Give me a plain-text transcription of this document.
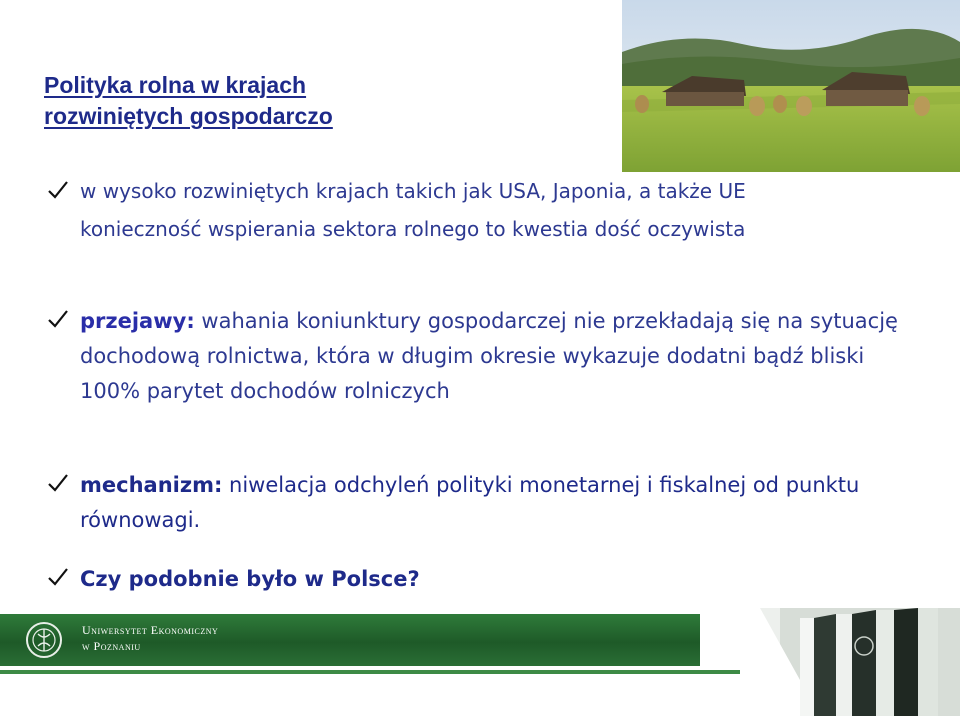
Polityka rolna w krajach
rozwiniętych gospodarczo
w wysoko rozwiniętych krajach takich jak USA, Japonia, a także UE konieczność wspierania sektora rolnego to kwestia dość oczywista
przejawy: wahania koniunktury gospodarczej nie przekładają się na sytuację dochodową rolnictwa, która w długim okresie wykazuje dodatni bądź bliski 100% parytet dochodów rolniczych
mechanizm: niwelacja odchyleń polityki monetarnej i fiskalnej od punktu równowagi.
Czy podobnie było w Polsce?
Uniwersytet Ekonomiczny
w Poznaniu
